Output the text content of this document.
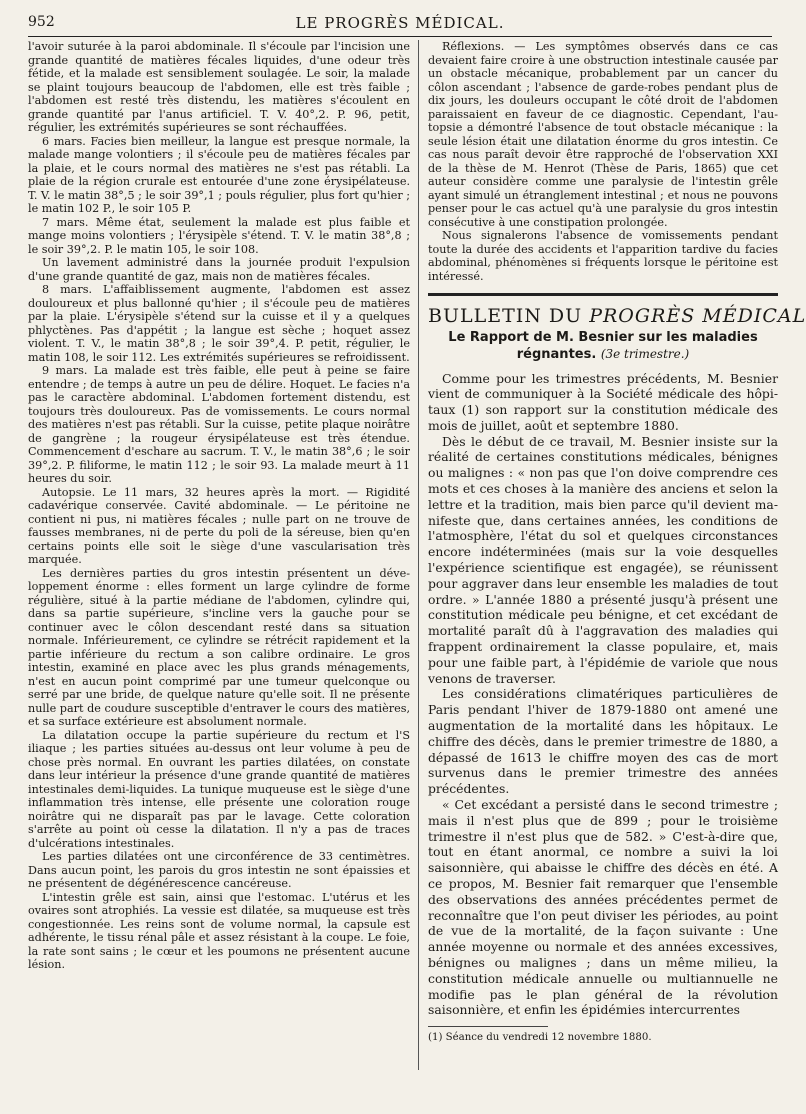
952	LE PROGRÈS MÉDICAL.

l'avoir suturée à la paroi abdominale. Il s'écoule par l'incision une grande quantité de matières fécales liquides, d'une odeur très fétide, et la malade est sensiblement soulagée. Le soir, la malade se plaint toujours beaucoup de l'abdomen, elle est très faible ; l'abdomen est resté très distendu, les matières s'écoulent en grande quantité par l'anus artificiel. T. V. 40°,2. P. 96, petit, régulier, les extrémités supérieures se sont réchauffées.

6 mars. Facies bien meilleur, la langue est presque normale, la malade mange volontiers ; il s'écoule peu de matières fécales par la plaie, et le cours normal des matières ne s'est pas rétabli. La plaie de la région crurale est entourée d'une zone érysipélateuse. T. V. le matin 38°,5 ; le soir 39°,1 ; pouls régulier, plus fort qu'hier ; le matin 102 P., le soir 105 P.

7 mars. Même état, seulement la malade est plus faible et mange moins volontiers ; l'érysipèle s'étend. T. V. le matin 38°,8 ; le soir 39°,2. P. le matin 105, le soir 108.

Un lavement administré dans la journée produit l'expulsion d'une grande quantité de gaz, mais non de matières fécales.

8 mars. L'affaiblissement augmente, l'abdomen est assez douloureux et plus ballonné qu'hier ; il s'écoule peu de matières par la plaie. L'érysipèle s'étend sur la cuisse et il y a quelques phlyctènes. Pas d'appétit ; la langue est sèche ; hoquet assez violent. T. V., le matin 38°,8 ; le soir 39°,4. P. petit, régulier, le matin 108, le soir 112. Les extrémités supérieures se refroidissent.

9 mars. La malade est très faible, elle peut à peine se faire entendre ; de temps à autre un peu de délire. Hoquet. Le facies n'a pas le caractère abdominal. L'abdomen fortement distendu, est toujours très douloureux. Pas de vomissements. Le cours normal des matières n'est pas rétabli. Sur la cuisse, petite plaque noirâtre de gangrène ; la rougeur érysipélateuse est très étendue. Commencement d'eschare au sacrum. T. V., le matin 38°,6 ; le soir 39°,2. P. filiforme, le matin 112 ; le soir 93. La malade meurt à 11 heures du soir.

Autopsie. Le 11 mars, 32 heures après la mort. — Rigidité cadavérique conservée. Cavité abdominale. — Le péritoine ne contient ni pus, ni matières fécales ; nulle part on ne trouve de fausses membranes, ni de perte du poli de la séreuse, bien qu'en certains points elle soit le siège d'une vascularisation très marquée.

Les dernières parties du gros intestin présentent un développement énorme : elles forment un large cylindre de forme régulière, situé à la partie médiane de l'abdomen, cylindre qui, dans sa partie supérieure, s'incline vers la gauche pour se continuer avec le côlon descendant resté dans sa situation normale. Inférieurement, ce cylindre se rétrécit rapidement et la partie inférieure du rectum a son calibre ordinaire. Le gros intestin, examiné en place avec les plus grands ménagements, n'est en aucun point comprimé par une tumeur quelconque ou serré par une bride, de quelque nature qu'elle soit. Il ne présente nulle part de coudure susceptible d'entraver le cours des matières, et sa surface extérieure est absolument normale.

La dilatation occupe la partie supérieure du rectum et l'S iliaque ; les parties situées au-dessus ont leur volume à peu de chose près normal. En ouvrant les parties dilatées, on constate dans leur intérieur la présence d'une grande quantité de matières intestinales demi-liquides. La tunique muqueuse est le siège d'une inflammation très intense, elle présente une coloration rouge noirâtre qui ne disparaît pas par le lavage. Cette coloration s'arrête au point où cesse la dilatation. Il n'y a pas de traces d'ulcérations intestinales.

Les parties dilatées ont une circonférence de 33 centimètres. Dans aucun point, les parois du gros intestin ne sont épaissies et ne présentent de dégénérescence cancéreuse.

L'intestin grêle est sain, ainsi que l'estomac. L'utérus et les ovaires sont atrophiés. La vessie est dilatée, sa muqueuse est très congestionnée. Les reins sont de volume normal, la capsule est adhérente, le tissu rénal pâle et assez résistant à la coupe. Le foie, la rate sont sains ; le cœur et les poumons ne présentent aucune lésion.

Réflexions. — Les symptômes observés dans ce cas devaient faire croire à une obstruction intestinale causée par un obstacle mécanique, probablement par un cancer du côlon ascendant ; l'absence de garde-robes pendant plus de dix jours, les douleurs occupant le côté droit de l'abdomen paraissaient en faveur de ce diagnostic. Cependant, l'autopsie a démontré l'absence de tout obstacle mécanique : la seule lésion était une dilatation énorme du gros intestin. Ce cas nous paraît devoir être rapproché de l'observation XXI de la thèse de M. Henrot (Thèse de Paris, 1865) que cet auteur considère comme une paralysie de l'intestin grêle ayant simulé un étranglement intestinal ; et nous ne pouvons penser pour le cas actuel qu'à une paralysie du gros intestin consécutive à une constipation prolongée.

Nous signalerons l'absence de vomissements pendant toute la durée des accidents et l'apparition tardive du facies abdominal, phénomènes si fréquents lorsque le péritoine est intéressé.

BULLETIN DU PROGRÈS MÉDICAL
Le Rapport de M. Besnier sur les maladies régnantes. (3e trimestre.)

Comme pour les trimestres précédents, M. Besnier vient de communiquer à la Société médicale des hôpitaux (1) son rapport sur la constitution médicale des mois de juillet, août et septembre 1880.

Dès le début de ce travail, M. Besnier insiste sur la réalité de certaines constitutions médicales, bénignes ou malignes : « non pas que l'on doive comprendre ces mots et ces choses à la manière des anciens et selon la lettre et la tradition, mais bien parce qu'il devient manifeste que, dans certaines années, les conditions de l'atmosphère, l'état du sol et quelques circonstances encore indéterminées (mais sur la voie desquelles l'expérience scientifique est engagée), se réunissent pour aggraver dans leur ensemble les maladies de tout ordre. » L'année 1880 a présenté jusqu'à présent une constitution médicale peu bénigne, et cet excédant de mortalité paraît dû à l'aggravation des maladies qui frappent ordinairement la classe populaire, et, mais pour une faible part, à l'épidémie de variole que nous venons de traverser.

Les considérations climatériques particulières de Paris pendant l'hiver de 1879-1880 ont amené une augmentation de la mortalité dans les hôpitaux. Le chiffre des décès, dans le premier trimestre de 1880, a dépassé de 1613 le chiffre moyen des cas de mort survenus dans le premier trimestre des années précédentes.

« Cet excédant a persisté dans le second trimestre ; mais il n'est plus que de 899 ; pour le troisième trimestre il n'est plus que de 582. » C'est-à-dire que, tout en étant anormal, ce nombre a suivi la loi saisonnière, qui abaisse le chiffre des décès en été. A ce propos, M. Besnier fait remarquer que l'ensemble des observations des années précédentes permet de reconnaître que l'on peut diviser les périodes, au point de vue de la mortalité, de la façon suivante : Une année moyenne ou normale et des années excessives, bénignes ou malignes ; dans un même milieu, la constitution médicale annuelle ou multiannuelle ne modifie pas le plan général de la révolution saisonnière, et enfin les épidémies intercurrentes

(1) Séance du vendredi 12 novembre 1880.
